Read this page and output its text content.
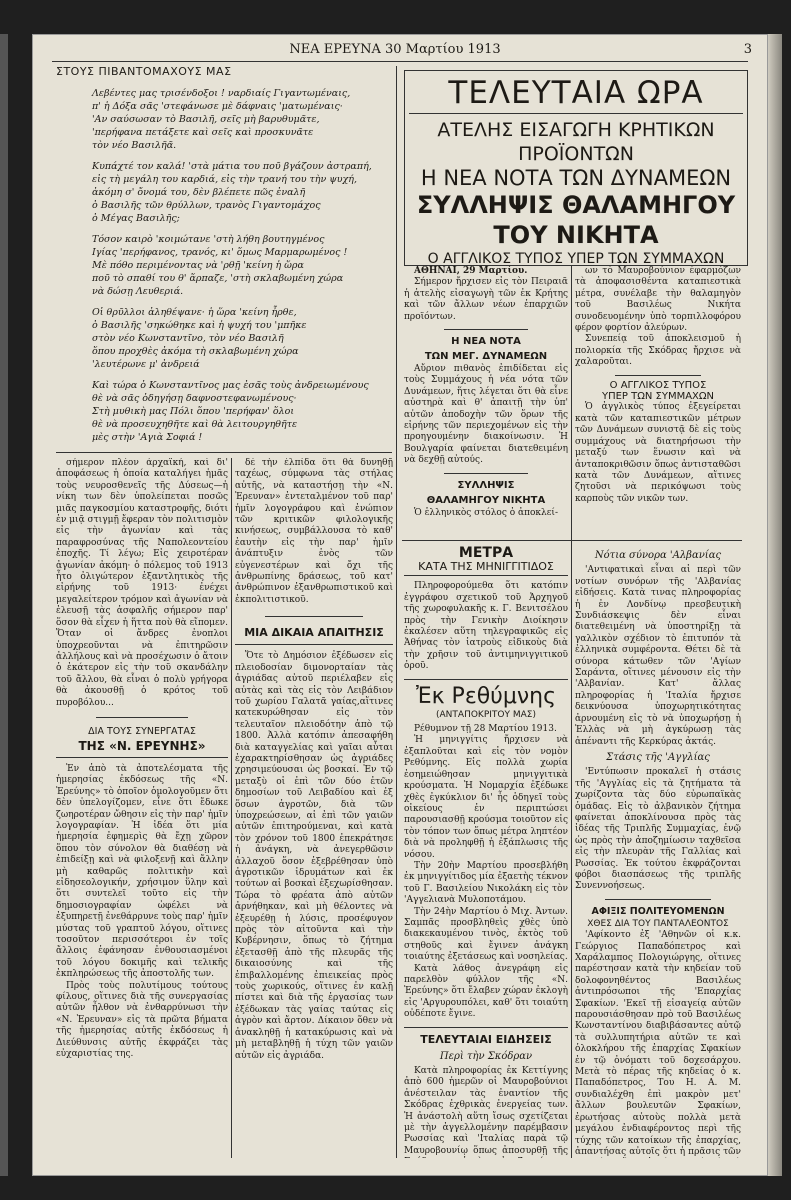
ΝΕΑ ΕΡΕΥΝΑ 30 Μαρτίου 1913	3
ΣΤΟΥΣ ΠΙΒΑΝΤΟΜΑΧΟΥΣ ΜΑΣ

Λεβέντες μας τρισένδοξοι ! ναρδιαίς Γιγαντωμέναις,
π' ἡ Δόξα σᾶς 'στεφάνωσε μὲ δάφναις 'ματωμέναις·
'Αν σαύσωσαν τὸ Βασιλῆ, σεῖς μὴ βαρυθυμᾶτε,
'περήφανα πετάξετε καὶ σεῖς καὶ προσκυνᾶτε
τὸν νέο Βασιλῆᾶ.

Κυπάχτέ τον καλά! 'στὰ μάτια του ποῦ βγάζουν ἀστραπή,
εἰς τὴ μεγάλη του καρδιά, εἰς τὴν τρανή του τὴν ψυχή,
ἀκόμη σ' ὄνομά του, δὲν βλέπετε πῶς ἐναλῆ
ὁ Βασιλῆς τῶν θρύλλων, τρανὸς Γιγαντομάχος
ὁ Μέγας Βασιλῆς;

Τόσον καιρὸ 'κοιμώτανε 'στὴ λήθη βουτηγμένος
Ιγίας 'περήφανος, τρανός, κι' ὅμως Μαρμαρωμένος !
Μὲ πόθο περιμένοντας νὰ 'ρθῇ 'κείνη ἡ ὥρα
ποῦ τὸ σπαθί του θ' ἅρπαζε, 'στὴ σκλαβωμένη χώρα
νὰ δώσῃ Λευθεριά.

Οἱ θρῦλλοι ἀληθέψανε· ἡ ὥρα 'κείνη ἦρθε,
ὁ Βασιλῆς 'σηκώθηκε καὶ ἡ ψυχή του 'μπῆκε
στὸν νέο Κωνσταντῖνο, τὸν νέο Βασιλῆ
ὅπου προχθὲς ἀκόμα τὴ σκλαβωμένη χώρα
'λευτέρωνε μ' ἀνδρειά

Καὶ τώρα ὁ Κωνσταντῖνος μας ἐσᾶς τοὺς ἀνδρειωμένους
θὲ νὰ σᾶς ὁδηγήσῃ δαφνοστεφανωμένους·
Στὴ μυθικὴ μας Πόλι ὅπου 'περήφαν' ὅλοι
θὲ νὰ προσευχηθῆτε καὶ θὰ λειτουργηθῆτε
μὲς στὴν 'Αγιὰ Σοφιά !

σήμερον πλέον ἀρχαϊκή, καὶ δι' ἀποφάσεως ἡ ὁποία καταλήγει ἡμᾶς τοὺς νευροσθενεῖς τῆς Δύσεως—ἡ νίκη των δὲν ὑπολείπεται ποσῶς μιᾶς παγκοσμίου καταστροφῆς, διότι ἐν μιᾷ στιγμῇ ἔφεραν τὸν πολιτισμὸν εἰς τὴν ἀγωνίαν καὶ τὰς παραφροσύνας τῆς Ναπολεοντείου ἐποχῆς. Τί λέγω; Εἰς χειροτέραν ἀγωνίαν ἀκόμη· ὁ πόλεμος τοῦ 1913 ἦτο ὀλιγώτερον ἐξαντλητικὸς τῆς εἰρήνης τοῦ 1913· ἐνέχει μεγαλείτερον τρόμον καὶ ἀγωνίαν νὰ ἐλευσῇ τὰς ἀσφαλῆς σήμερον παρ' ὅσον θὰ εἶχεν ἡ ἥττα ποὺ θὰ εἴπομεν. Ὅταν οἱ ἄνδρες ἐνοπλοι ὑποχρεοῦνται νὰ ἐπιτηρῶσιν ἀλλήλους καὶ νὰ προσέχωσιν ὁ ἄτοιν ὁ ἐκάτερον εἰς τὴν τοῦ σκανδάλην τοῦ ἄλλου, θὰ εἶναι ὁ πολὺ γρήγορα θὰ ἀκουσθῇ ὁ κρότος τοῦ πυροβόλου...

ΔΙΑ ΤΟΥΣ ΣΥΝΕΡΓΑΤΑΣ
ΤΗΣ «Ν. ΕΡΕΥΝΗΣ»

Ἐν ἀπὸ τὰ ἀποτελέσματα τῆς ἡμερησίας ἐκδόσεως τῆς «Ν. Ἐρεύνης» τὸ ὁποῖον ὁμολογοῦμεν ὅτι δὲν ὑπελογίζομεν, εἶνε ὅτι ἔδωκε ζωηροτέραν ὤθησιν εἰς τὴν παρ' ἡμῖν λογογραφίαν. Ἡ ἰδέα ὅτι μία ἡμερησία ἐφημερὶς θὰ ἔχῃ χῶρον ὅπου τὸν σύνολον θὰ διαθέσῃ νὰ ἐπιδείξῃ καὶ νὰ φιλοξενῇ καὶ ἄλλην μὴ καθαρῶς πολιτικὴν καὶ εἰδησεολογικήν, χρήσιμον ὕλην καὶ ὅτι συντελεῖ τοῦτο εἰς τὴν δημοσιογραφίαν ὠφέλει νὰ ἐξυπηρετῇ ἐνεθάρρυνε τοὺς παρ' ἡμῖν μύστας τοῦ γραπτοῦ λόγου, οἵτινες τοσοῦτον περισσότεροι ἐν τοῖς ἄλλοις ἐφάνησαν ἐνθουσιασμένοι τοῦ λόγου δοκιμῆς καὶ τελικῆς ἐκπληρώσεως τῆς ἀποστολῆς των.

Πρὸς τοὺς πολυτίμους τούτους φίλους, οἵτινες διὰ τῆς συνεργασίας αὐτῶν ἦλθον νὰ ἐνθαρρύνωσι τὴν «Ν. Ἐρευναν» εἰς τὰ πρῶτα βήματα τῆς ἡμερησίας αὐτῆς ἐκδόσεως ἡ Διεύθυνσις αὐτῆς ἐκφράζει τὰς εὐχαριστίας της.

δὲ τὴν ἐλπίδα ὅτι θὰ δυνηθῇ ταχέως, σύμφωνα τὰς στήλας αὐτῆς, νὰ καταστήσῃ τὴν «Ν. Ἐρευναν» ἐντεταλμένον τοῦ παρ' ἡμῖν λογογράφου καὶ ἐνώπιον τῶν κριτικῶν φιλολογικῆς κινήσεως, συμβάλλουσα τὸ καθ' ἑαυτὴν εἰς τὴν παρ' ἡμῖν ἀνάπτυξιν ἑνὸς τῶν εὐγενεστέρων καὶ ὄχι τῆς ἀνθρωπίνης δράσεως, τοῦ κατ' ἀνθρώπινον ἐξανθρωπιστικοῦ καὶ ἐκπολιτιστικοῦ.

ΜΙΑ ΔΙΚΑΙΑ ΑΠΑΙΤΗΣΙΣ

Ὅτε τὸ Δημόσιον ἐξέδωσεν εἰς πλειοδοσίαν διμονορταίαν τὰς ἀγριάδας αὐτοῦ περιέλαβεν εἰς αὐτὰς καὶ τὰς εἰς τὸν Λειβάδιον τοῦ χωρίου Γαλατᾶ γαίας,αἵτινες κατεκυρώθησαν εἰς τὸν τελευταῖον πλειοδότην ἀπὸ τῷ 1800. Ἀλλὰ κατόπιν ἀπεσαφήθη διὰ καταγγελίας καὶ γαῖαι αὗται ἐχαρακτηρίσθησαν ὡς ἀγριάδες χρησιμεύουσαι ὡς βοσκαί. Ἐν τῷ μεταξὺ οἱ ἐπὶ τῶν δύο ἐτῶν δημοσίων τοῦ Λειβαδίου καὶ ἐξ ὅσων ἀγροτῶν, διὰ τῶν ὑποχρεώσεων, αἱ ἐπὶ τῶν γαιῶν αὐτῶν ἐπιτηρούμεναι, καὶ κατὰ τὸν χρόνον τοῦ 1800 ἐπεκράτησε ἡ ἀνάγκη, νὰ ἀνεγερθῶσιν ἀλλαχοῦ ὅσον ἐξεβρέθησαν ὑπὸ ἀγροτικῶν ἰδρυμάτων καὶ ἐκ τούτων αἱ βοσκαὶ ἐξεχωρίσθησαν. Τώρα τὸ φρέατα ἀπὸ αὐτῶν ἀρνήθηκαν, καὶ μὴ θέλοντες νὰ ἐξευρέθῃ ἡ λύσις, προσέφυγον πρὸς τὸν αἰτοῦντα καὶ τὴν Κυβέρνησιν, ὅπως τὸ ζήτημα ἐξετασθῇ ἀπὸ τῆς πλευρᾶς τῆς δικαιοσύνης καὶ τῆς ἐπιβαλλομένης ἐπιεικείας πρὸς τοὺς χωρικούς, οἵτινες ἐν καλῇ πίστει καὶ διὰ τῆς ἐργασίας των ἐξέδωκαν τὰς γαίας ταύτας εἰς ἀγρὸν καὶ ἄρτον. Δίκαιον ὅθεν νὰ ἀνακληθῇ ἡ κατακύρωσις καὶ νὰ μὴ μεταβληθῇ ἡ τύχη τῶν γαιῶν αὐτῶν εἰς ἀγριάδα.

ΤΕΛΕΥΤΑΙΑ ΩΡΑ
ΑΤΕΛΗΣ ΕΙΣΑΓΩΓΗ ΚΡΗΤΙΚΩΝ ΠΡΟΪΟΝΤΩΝ
Η ΝΕΑ ΝΟΤΑ ΤΩΝ ΔΥΝΑΜΕΩΝ
ΣΥΛΛΗΨΙΣ ΘΑΛΑΜΗΓΟΥ ΤΟΥ ΝΙΚΗΤΑ
Ο ΑΓΓΛΙΚΟΣ ΤΥΠΟΣ ΥΠΕΡ ΤΩΝ ΣΥΜΜΑΧΩΝ

ΑΘΗΝΑΙ, 29 Μαρτίου.

Σήμερον ἤρχισεν εἰς τὸν Πειραιᾶ ἡ ἀτελὴς εἰσαγωγὴ τῶν ἐκ Κρήτης καὶ τῶν ἄλλων νέων ἐπαρχιῶν προϊόντων.

Η ΝΕΑ ΝΟΤΑ
ΤΩΝ ΜΕΓ. ΔΥΝΑΜΕΩΝ

Αὔριον πιθανὸς ἐπιδίδεται εἰς τοὺς Συμμάχους ἡ νέα νότα τῶν Δυνάμεων, ἥτις λέγεται ὅτι θὰ εἶνε αὐστηρὰ καὶ θ' ἀπαιτῇ τὴν ὑπ' αὐτῶν ἀποδοχὴν τῶν ὅρων τῆς εἰρήνης τῶν περιεχομένων εἰς τὴν προηγουμένην διακοίνωσιν. Ἡ Βουλγαρία φαίνεται διατεθειμένη νὰ δεχθῇ αὐτούς.

ΣΥΛΛΗΨΙΣ
ΘΑΛΑΜΗΓΟΥ ΝΙΚΗΤΑ

Ὁ ἑλληνικὸς στόλος ὁ ἀποκλεί-

ων τὸ Μαυροβούνιον ἐφαρμόζων τὰ ἀποφασισθέντα καταπιεστικὰ μέτρα, συνέλαβε τὴν θαλαμηγὸν τοῦ Βασιλέως Νικήτα συνοδευομένην ὑπὸ τορπιλλοφόρου φέρον φορτίον ἀλεύρων.

Συνεπείᾳ τοῦ ἀποκλεισμοῦ ἡ πολιορκία τῆς Σκόδρας ἤρχισε νὰ χαλαροῦται.

Ο ΑΓΓΛΙΚΟΣ ΤΥΠΟΣ
ΥΠΕΡ ΤΩΝ ΣΥΜΜΑΧΩΝ

Ὁ ἀγγλικὸς τύπος ἐξεγείρεται κατὰ τῶν καταπιεστικῶν μέτρων τῶν Δυνάμεων συνιστᾷ δὲ εἰς τοὺς συμμάχους νὰ διατηρήσωσι τὴν μεταξύ των ἕνωσιν καὶ νὰ ἀνταποκριθῶσιν ὅπως ἀντισταθῶσι κατὰ τῶν Δυνάμεων, αἵτινες ζητοῦσι νὰ περικόψωσι τοὺς καρποὺς τῶν νικῶν των.

ΜΕΤΡΑ
ΚΑΤΑ ΤΗΣ ΜΗΝΙΓΓΙΤΙΔΟΣ

Πληροφορούμεθα ὅτι κατόπιν ἐγγράφου σχετικοῦ τοῦ Ἀρχηγοῦ τῆς χωροφυλακῆς κ. Γ. Βενιτσέλου πρὸς τὴν Γενικὴν Διοίκησιν ἐκαλέσεν αὕτη τηλεγραφικῶς εἰς Ἀθήνας τὸν ἰατροὺς εἰδικοὺς διὰ τὴν χρῆσιν τοῦ ἀντιμηνιγγιτικοῦ ὀροῦ.

Ἐκ Ρεθύμνης
(ΑΝΤΑΠΟΚΡΙΤΟΥ ΜΑΣ)

Ρέθυμνον τῇ 28 Μαρτίου 1913.

Ἡ μηνιγγίτις ἤρχισεν νὰ ἐξαπλοῦται καὶ εἰς τὸν νομὸν Ρεθύμνης. Εἰς πολλὰ χωρία ἐσημειώθησαν μηνιγγιτικὰ κρούσματα. Ἡ Νομαρχία ἐξέδωκε χθὲς ἐγκύκλιον δι' ἧς ὁδηγεῖ τοὺς οἰκείους ἐν περιπτώσει παρουσιασθῇ κρούσμα τοιοῦτον εἰς τὸν τόπον των ὅπως μέτρα ληπτέον διὰ νὰ προληφθῇ ἡ ἐξάπλωσις τῆς νόσου.

Τὴν 20ὴν Μαρτίου προσεβλήθη ἐκ μηνιγγίτιδος μία ἐξαετὴς τέκνον τοῦ Γ. Βασιλείου Νικολάκη εἰς τὸν 'Αγγελιανὰ Μυλοποτάμου.

Τὴν 24ὴν Μαρτίου ὁ Μιχ. Ἀντων. Σαμπᾶς προσβληθεὶς χθὲς ὑπὸ διακεκαυμένου τινὸς, ἐκτὸς τοῦ στηθοῦς καὶ ἔγινεν ἀνάγκη τοιαύτης ἐξετάσεως καὶ νοσηλείας.

Κατὰ λάθος ἀνεγράφη εἰς παρελθὸν φύλλον τῆς «Ν. Ἐρεύνης» ὅτι ἔλαβεν χώραν ἐκλογὴ εἰς 'Αργυρουπόλει, καθ' ὅτι τοιαύτη οὐδέποτε ἔγινε.

ΤΕΛΕΥΤΑΙΑΙ ΕΙΔΗΣΕΙΣ
Περὶ τὴν Σκόδραν

Κατὰ πληροφορίας ἐκ Κεττίγνης ἀπὸ 600 ἡμερῶν οἱ Μαυροβούνιοι ἀνέστειλαν τὰς ἐναντίον τῆς Σκόδρας ἐχθρικὰς ἐνεργείας των. Ἡ ἀνάστολὴ αὕτη ἴσως σχετίζεται μὲ τὴν ἀγγελλομένην παρέμβασιν Ρωσσίας καὶ 'Ιταλίας παρὰ τῷ Μαυροβουνίῳ ὅπως ἀποσυρθῇ τῆς

Νότια σύνορα 'Αλβανίας

'Αντιφατικαὶ εἶναι αἱ περὶ τῶν νοτίων συνόρων τῆς 'Αλβανίας εἰδήσεις. Κατὰ τινας πληροφορίας ἡ ἐν Λονδίνῳ πρεσβευτικὴ Συνδιάσκεψις δὲν εἶναι διατεθειμένη νὰ ὑποστηρίξῃ τὰ γαλλικὸν σχέδιον τὸ ἐπιτυπόν τὰ ἑλληνικὰ συμφέροντα. Θέτει δὲ τὰ σύνορα κάτωθεν τῶν 'Αγίων Σαράντα, οἵτινες μένουσιν εἰς τὴν 'Αλβανίαν. Κατ' ἄλλας πληροφορίας ἡ 'Ιταλία ἤρχισε δεικνύουσα ὑποχωρητικότητας ἀρνουμένη εἰς τὸ νὰ ὑποχωρήσῃ ἡ Ἑλλὰς νὰ μὴ ἀγκύρωσῃ τὰς ἀπέναντι τῆς Κερκύρας ἀκτάς.

Στάσις τῆς 'Αγγλίας

'Εντύπωσιν προκαλεῖ ἡ στάσις τῆς 'Αγγλίας εἰς τὰ ζητήματα τὰ χωρίζοντα τὰς δύο εὐρωπαϊκὰς ὁμάδας. Εἰς τὸ ἀλβανικὸν ζήτημα φαίνεται ἀποκλίνουσα πρὸς τὰς ἰδέας τῆς Τριπλῆς Συμμαχίας, ἐνῷ ὡς πρὸς τὴν ἀποζημίωσιν ταχθεῖσα εἰς τὴν πλευρὰν τῆς Γαλλίας καὶ Ρωσσίας. Ἐκ τούτου ἐκφράζονται φόβοι διασπάσεως τῆς τριπλῆς Συνεννοήσεως.

ΑΦΙΞΙΣ ΠΟΛΙΤΕΥΟΜΕΝΩΝ
ΧΘΕΣ ΔΙΑ ΤΟΥ ΠΑΝΤΑΛΕΟΝΤΟΣ

'Αφίκοντο ἐξ 'Αθηνῶν οἱ κ.κ. Γεώργιος Παπαδόπετρος καὶ Χαράλαμπος Πολογιώργης, οἵτινες παρέστησαν κατὰ τὴν κηδείαν τοῦ δολοφονηθέντος Βασιλέως ἀντιπρόσωποι τῆς 'Επαρχίας Σφακίων. 'Εκεῖ τῇ εἰσαγείᾳ αὐτῶν παρουσιάσθησαν πρὸ τοῦ Βασιλέως Κωνσταντίνου διαβιβάσαντες αὐτῷ τὰ συλλυπητήρια αὐτῶν τε καὶ ὁλοκλήρου τῆς ἐπαρχίας Σφακίων ἐν τῷ ὀνόματι τοῦ δοχεσάρχου. Μετὰ τὸ πέρας τῆς κηδείας ὁ κ. Παπαδόπετρος, Του Η. Α. Μ. συνδιαλέχθη ἐπὶ μακρὸν μετ' ἄλλων βουλευτῶν Σφακίων, ἐρωτήσας αὐτοὺς πολλὰ μετὰ μεγάλου ἐνδιαφέροντος περὶ τῆς τύχης τῶν κατοίκων τῆς ἐπαρχίας, ἀπαντήσας αὐτοῖς ὅτι ἡ πρᾶσις τῶν
